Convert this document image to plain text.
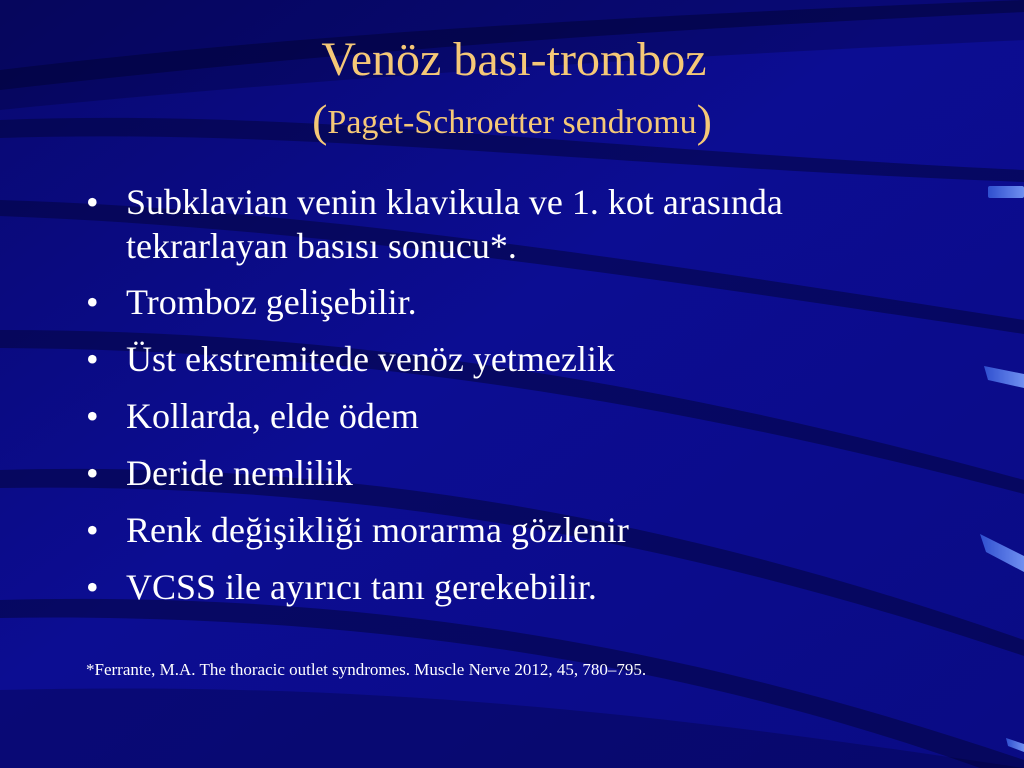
Venöz bası-tromboz
(Paget-Schroetter sendromu)
• Subklavian venin klavikula ve 1. kot arasında tekrarlayan basısı sonucu*.
• Tromboz gelişebilir.
• Üst ekstremitede venöz yetmezlik
• Kollarda, elde ödem
• Deride nemlilik
• Renk değişikliği morarma gözlenir
• VCSS ile ayırıcı tanı gerekebilir.

*Ferrante, M.A. The thoracic outlet syndromes. Muscle Nerve 2012, 45, 780–795.
